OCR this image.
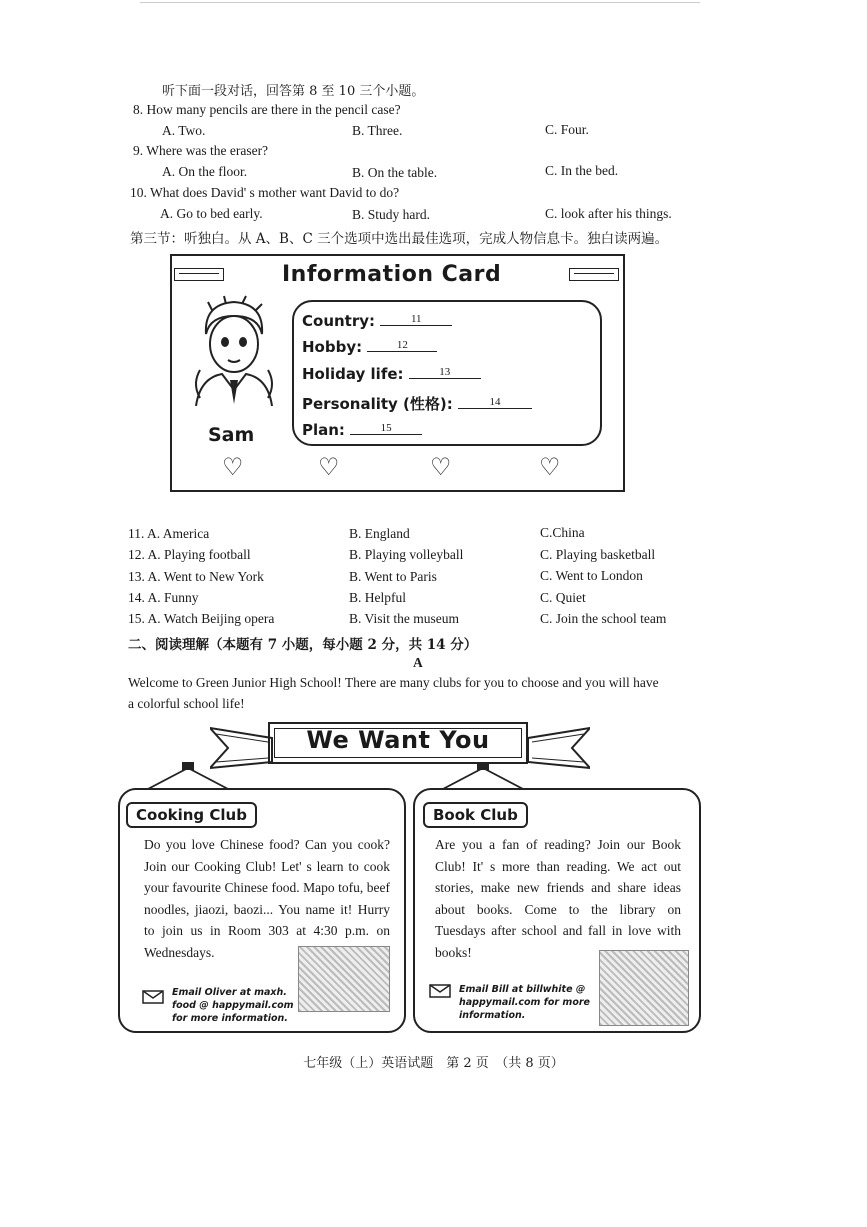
听下面一段对话，回答第 8 至 10 三个小题。
8. How many pencils are there in the pencil case?
A. Two.	B. Three.	C. Four.
9. Where was the eraser?
A. On the floor.	B. On the table.	C. In the bed.
10. What does David' s mother want David to do?
A. Go to bed early.	B. Study hard.	C. look after his things.
第三节：听独白。从 A、B、C 三个选项中选出最佳选项，完成人物信息卡。独白读两遍。
Information Card
Sam
Country:	11
Hobby:	12
Holiday life:	13
Personality (性格):	14
Plan:	15
♡	♡	♡	♡
11. A. America	B. England	C.China
12. A. Playing football	B. Playing volleyball	C. Playing basketball
13. A. Went to New York	B. Went to Paris	C. Went to London
14. A. Funny	B. Helpful	C. Quiet
15. A. Watch Beijing opera	B. Visit the museum	C. Join the school team
二、阅读理解（本题有 7 小题，每小题 2 分，共 14 分）
A
Welcome to Green Junior High School! There are many clubs for you to choose and you will have
a colorful school life!
We Want You
Cooking Club
Do you love Chinese food? Can you cook? Join our Cooking Club! Let' s learn to cook your favourite Chinese food. Mapo tofu, beef noodles, jiaozi, baozi... You name it! Hurry to join us in Room 303 at 4:30 p.m. on Wednesdays.
Email Oliver at maxh. food @ happymail.com for more information.
Book Club
Are you a fan of reading? Join our Book Club! It' s more than reading. We act out stories, make new friends and share ideas about books. Come to the library on Tuesdays after school and fall in love with books!
Email Bill at billwhite @ happymail.com for more information.
七年级（上）英语试题　第 2 页　（共 8 页）
